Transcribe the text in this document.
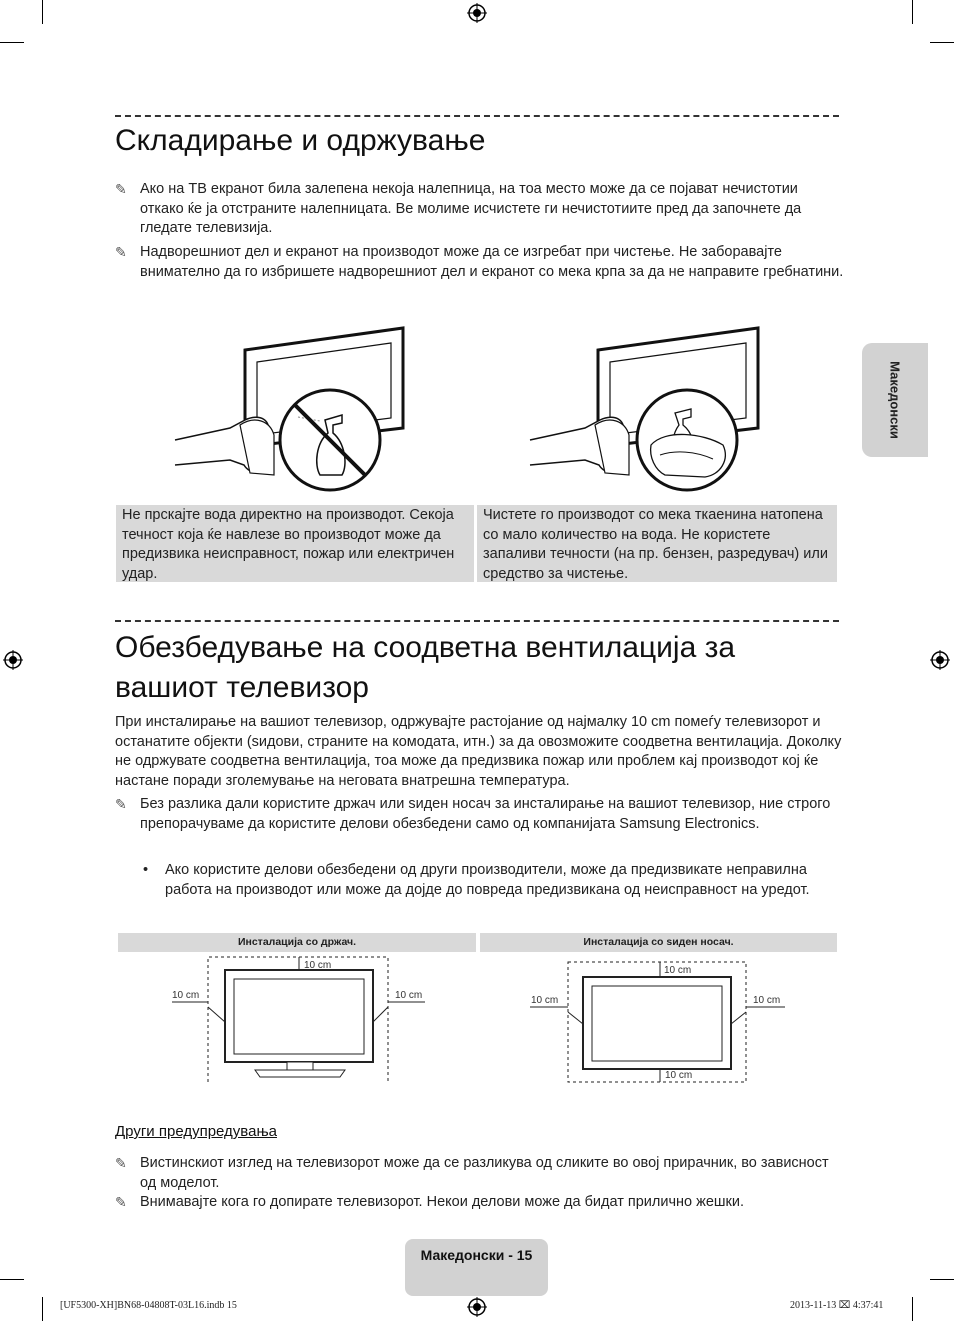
Складирање и одржување
✎ Ако на ТВ екранот била залепена некоја налепница, на тоа место може да се појават нечистотии откако ќе ја отстраните налепницата. Ве молиме исчистете ги нечистотиите пред да започнете да гледате телевизија.
✎ Надворешниот дел и екранот на производот може да се изгребат при чистење. Не заборавајте внимателно да го избришете надворешниот дел и екранот со мека крпа за да не направите гребнатини.
Не прскајте вода директно на производот. Секоја течност која ќе навлезе во производот може да предизвика неисправност, пожар или електричен удар.
Чистете го производот со мека ткаенина натопена со мало количество на вода. Не користете запаливи течности (на пр. бензен, разредувач) или средство за чистење.
Обезбедување на соодветна вентилација за
вашиот телевизор
При инсталирање на вашиот телевизор, одржувајте растојание од најмалку 10 cm помеѓу телевизорот и останатите објекти (ѕидови, страните на комодата, итн.) за да овозможите соодветна вентилација. Доколку не одржувате соодветна вентилација, тоа може да предизвика пожар или проблем кај производот кој ќе настане поради зголемување на неговата внатрешна температура.
✎ Без разлика дали користите држач или ѕиден носач за инсталирање на вашиот телевизор, ние строго препорачуваме да користите делови обезбедени само од компанијата Samsung Electronics.
• Ако користите делови обезбедени од други производители, може да предизвикате неправилна работа на производот или може да дојде до повреда предизвикана од неисправност на уредот.
Инсталација со држач.	Инсталација со ѕиден носач.
10 cm
10 cm	10 cm
10 cm
10 cm	10 cm
10 cm
Други предупредувања
✎ Вистинскиот изглед на телевизорот може да се разликува од сликите во овој прирачник, во зависност од моделот.
✎ Внимавајте кога го допирате телевизорот. Некои делови може да бидат прилично жешки.
Македонски
Македонски - 15
[UF5300-XH]BN68-04808T-03L16.indb 15	2013-11-13 ⌧ 4:37:41
